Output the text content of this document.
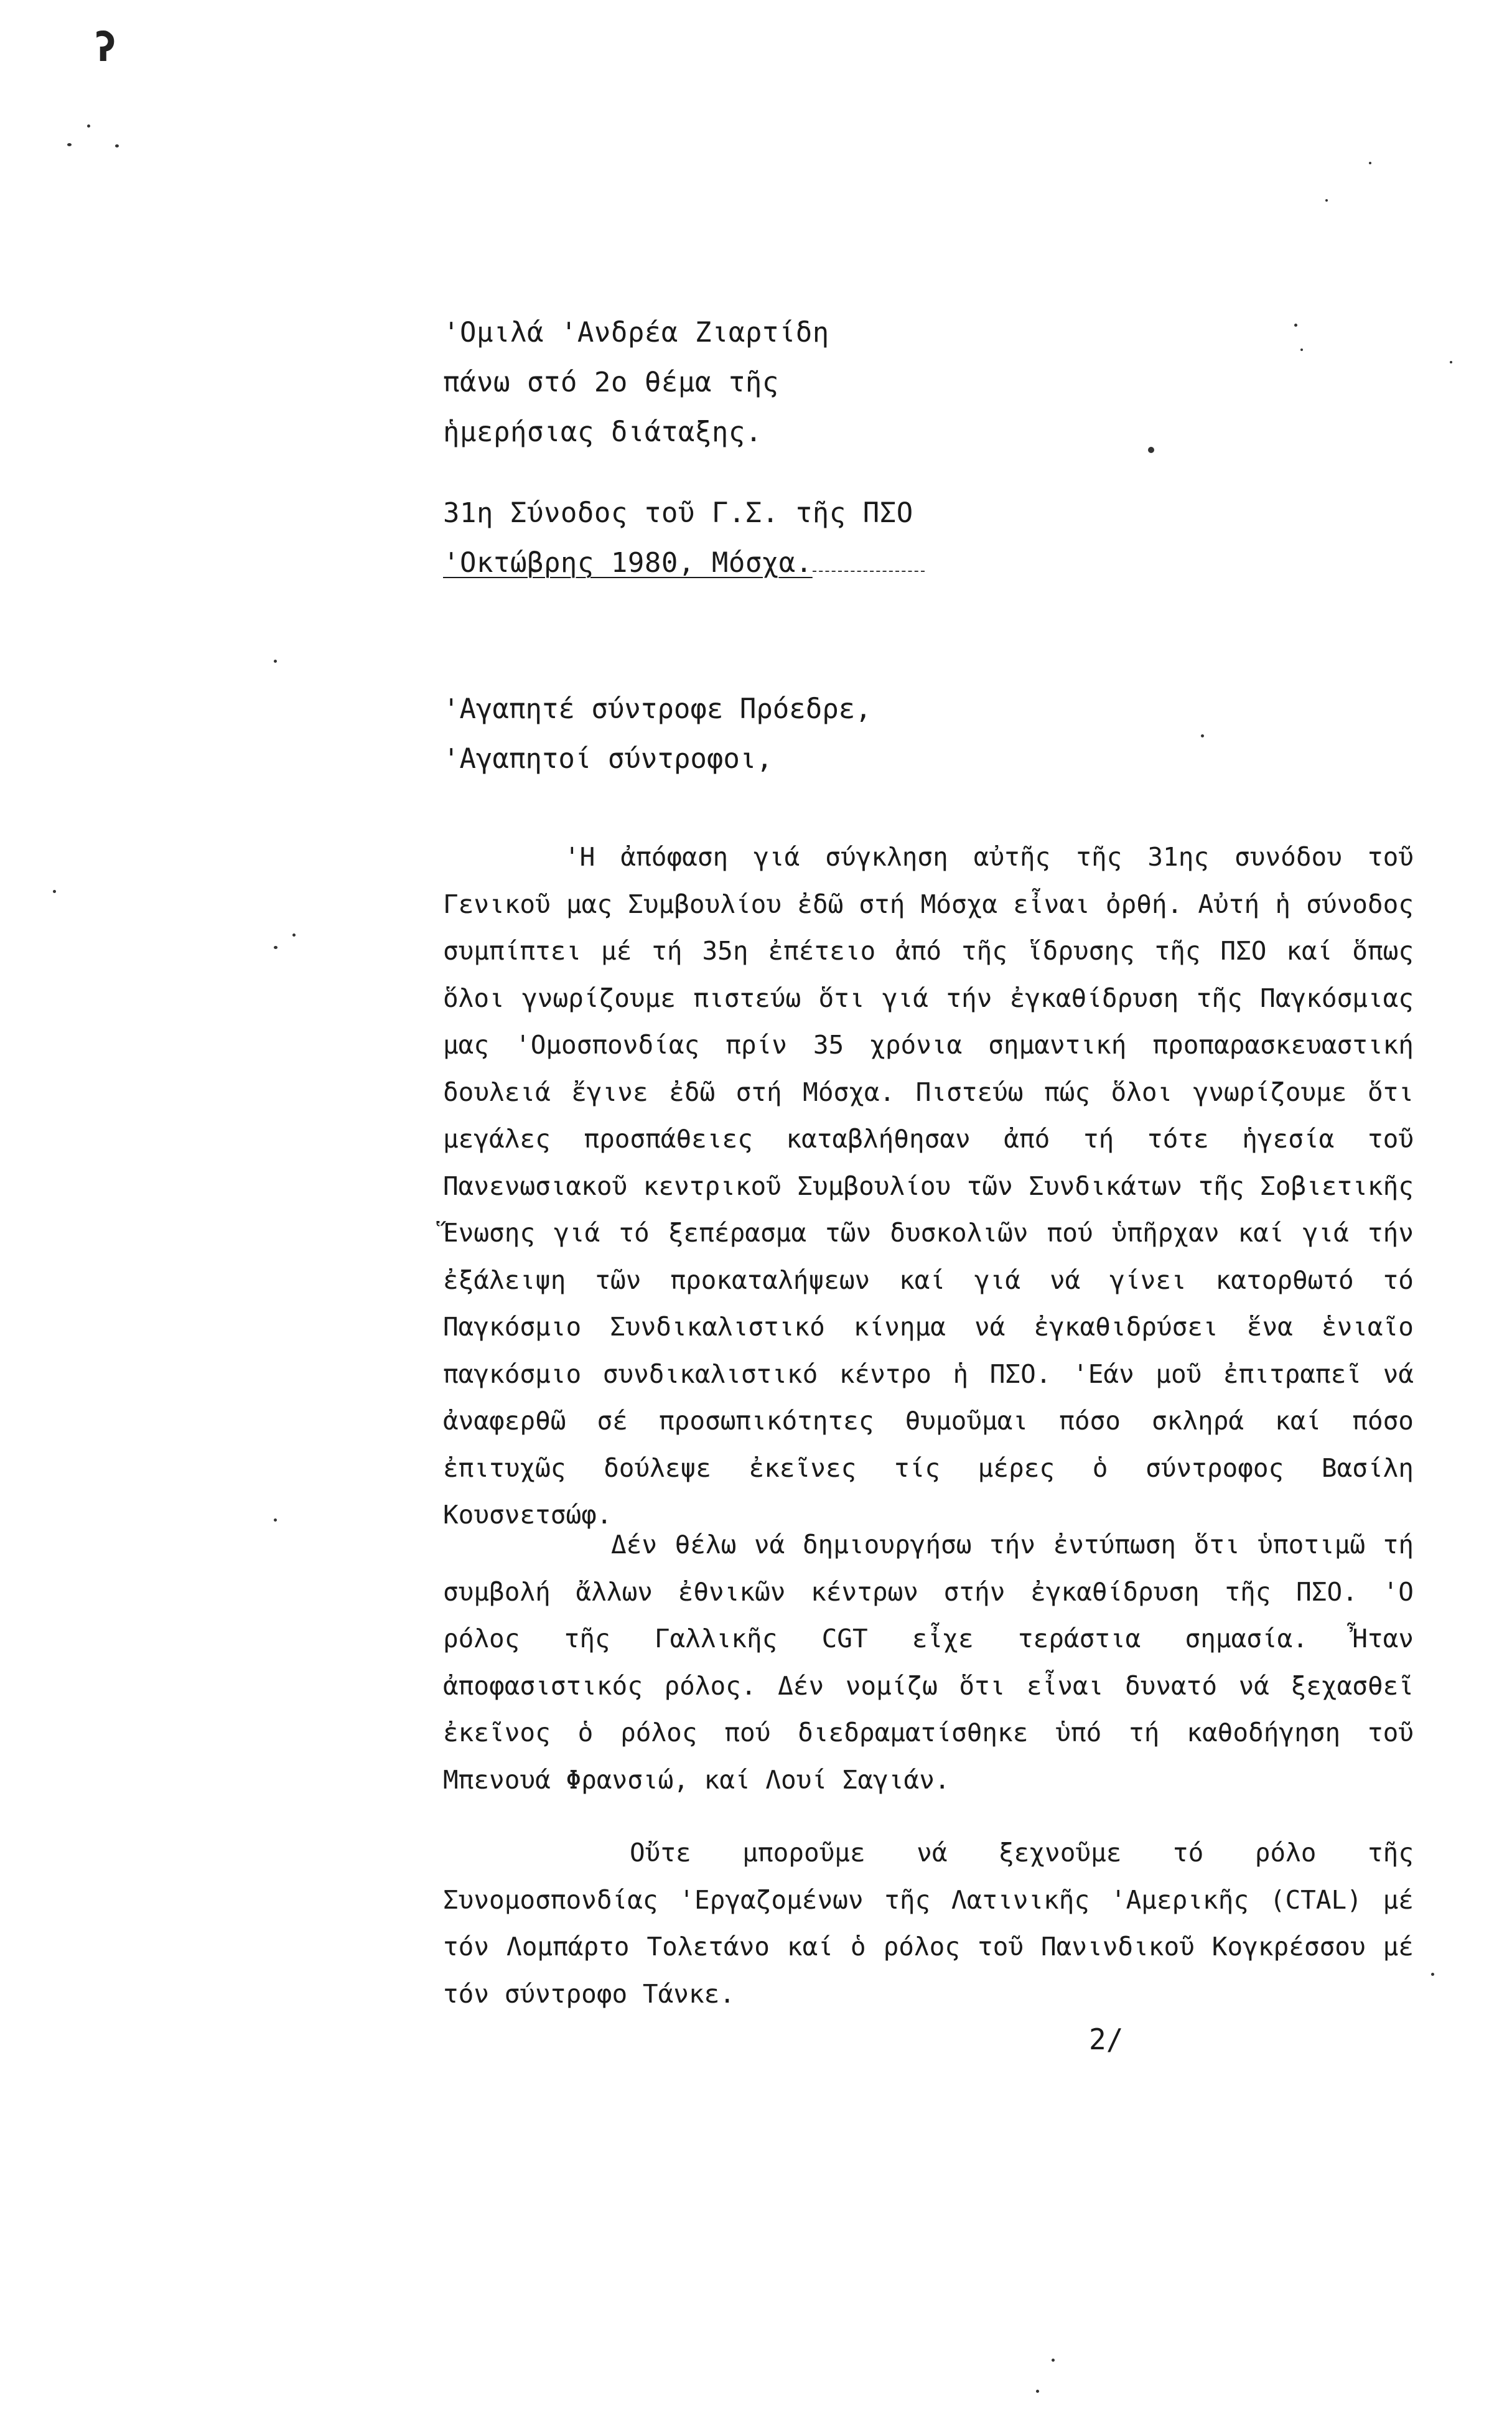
ʔ
'Ομιλά 'Ανδρέα Ζιαρτίδη
πάνω στό 2ο θέμα τῆς
ἡμερήσιας διάταξης.
31η Σύνοδος τοῦ Γ.Σ. τῆς ΠΣΟ
'Οκτώβρης 1980, Μόσχα.
'Αγαπητέ σύντροφε Πρόεδρε,
'Αγαπητοί σύντροφοι,

'Η ἀπόφαση γιά σύγκληση αὐτῆς τῆς 31ης συνόδου τοῦ Γενικοῦ μας Συμβουλίου ἐδῶ στή Μόσχα εἶναι ὀρθή. Αὐτή ἡ σύνοδος συμπίπτει μέ τή 35η ἐπέτειο ἀπό τῆς ἵδρυσης τῆς ΠΣΟ καί ὅπως ὅλοι γνωρίζουμε πιστεύω ὅτι γιά τήν ἐγκαθίδρυση τῆς Παγκόσμιας μας 'Ομοσπονδίας πρίν 35 χρόνια σημαντική προπαρασκευαστική δουλειά ἔγινε ἐδῶ στή Μόσχα. Πιστεύω πώς ὅλοι γνωρίζουμε ὅτι μεγάλες προσπάθειες καταβλήθησαν ἀπό τή τότε ἡγεσία τοῦ Πανενωσιακοῦ κεντρικοῦ Συμβουλίου τῶν Συνδικάτων τῆς Σοβιετικῆς Ἕνωσης γιά τό ξεπέρασμα τῶν δυσκολιῶν πού ὑπῆρχαν καί γιά τήν ἐξάλειψη τῶν προκαταλήψεων καί γιά νά γίνει κατορθωτό τό Παγκόσμιο Συνδικαλιστικό κίνημα νά ἐγκαθιδρύσει ἕνα ἑνιαῖο παγκόσμιο συνδικαλιστικό κέντρο ἡ ΠΣΟ. 'Εάν μοῦ ἐπιτραπεῖ νά ἀναφερθῶ σέ προσωπικότητες θυμοῦμαι πόσο σκληρά καί πόσο ἐπιτυχῶς δούλεψε ἐκεῖνες τίς μέρες ὁ σύντροφος Βασίλη Κουσνετσώφ.

Δέν θέλω νά δημιουργήσω τήν ἐντύπωση ὅτι ὑποτιμῶ τή συμβολή ἄλλων ἐθνικῶν κέντρων στήν ἐγκαθίδρυση τῆς ΠΣΟ. 'Ο ρόλος τῆς Γαλλικῆς CGT εἶχε τεράστια σημασία. Ἦταν ἀποφασιστικός ρόλος. Δέν νομίζω ὅτι εἶναι δυνατό νά ξεχασθεῖ ἐκεῖνος ὁ ρόλος πού διεδραματίσθηκε ὑπό τή καθοδήγηση τοῦ Μπενουά Φρανσιώ, καί Λουί Σαγιάν.

Οὔτε μποροῦμε νά ξεχνοῦμε τό ρόλο τῆς Συνομοσπονδίας 'Εργαζομένων τῆς Λατινικῆς 'Αμερικῆς (CTAL) μέ τόν Λομπάρτο Τολετάνο καί ὁ ρόλος τοῦ Πανινδικοῦ Κογκρέσσου μέ τόν σύντροφο Τάνκε.

2/
